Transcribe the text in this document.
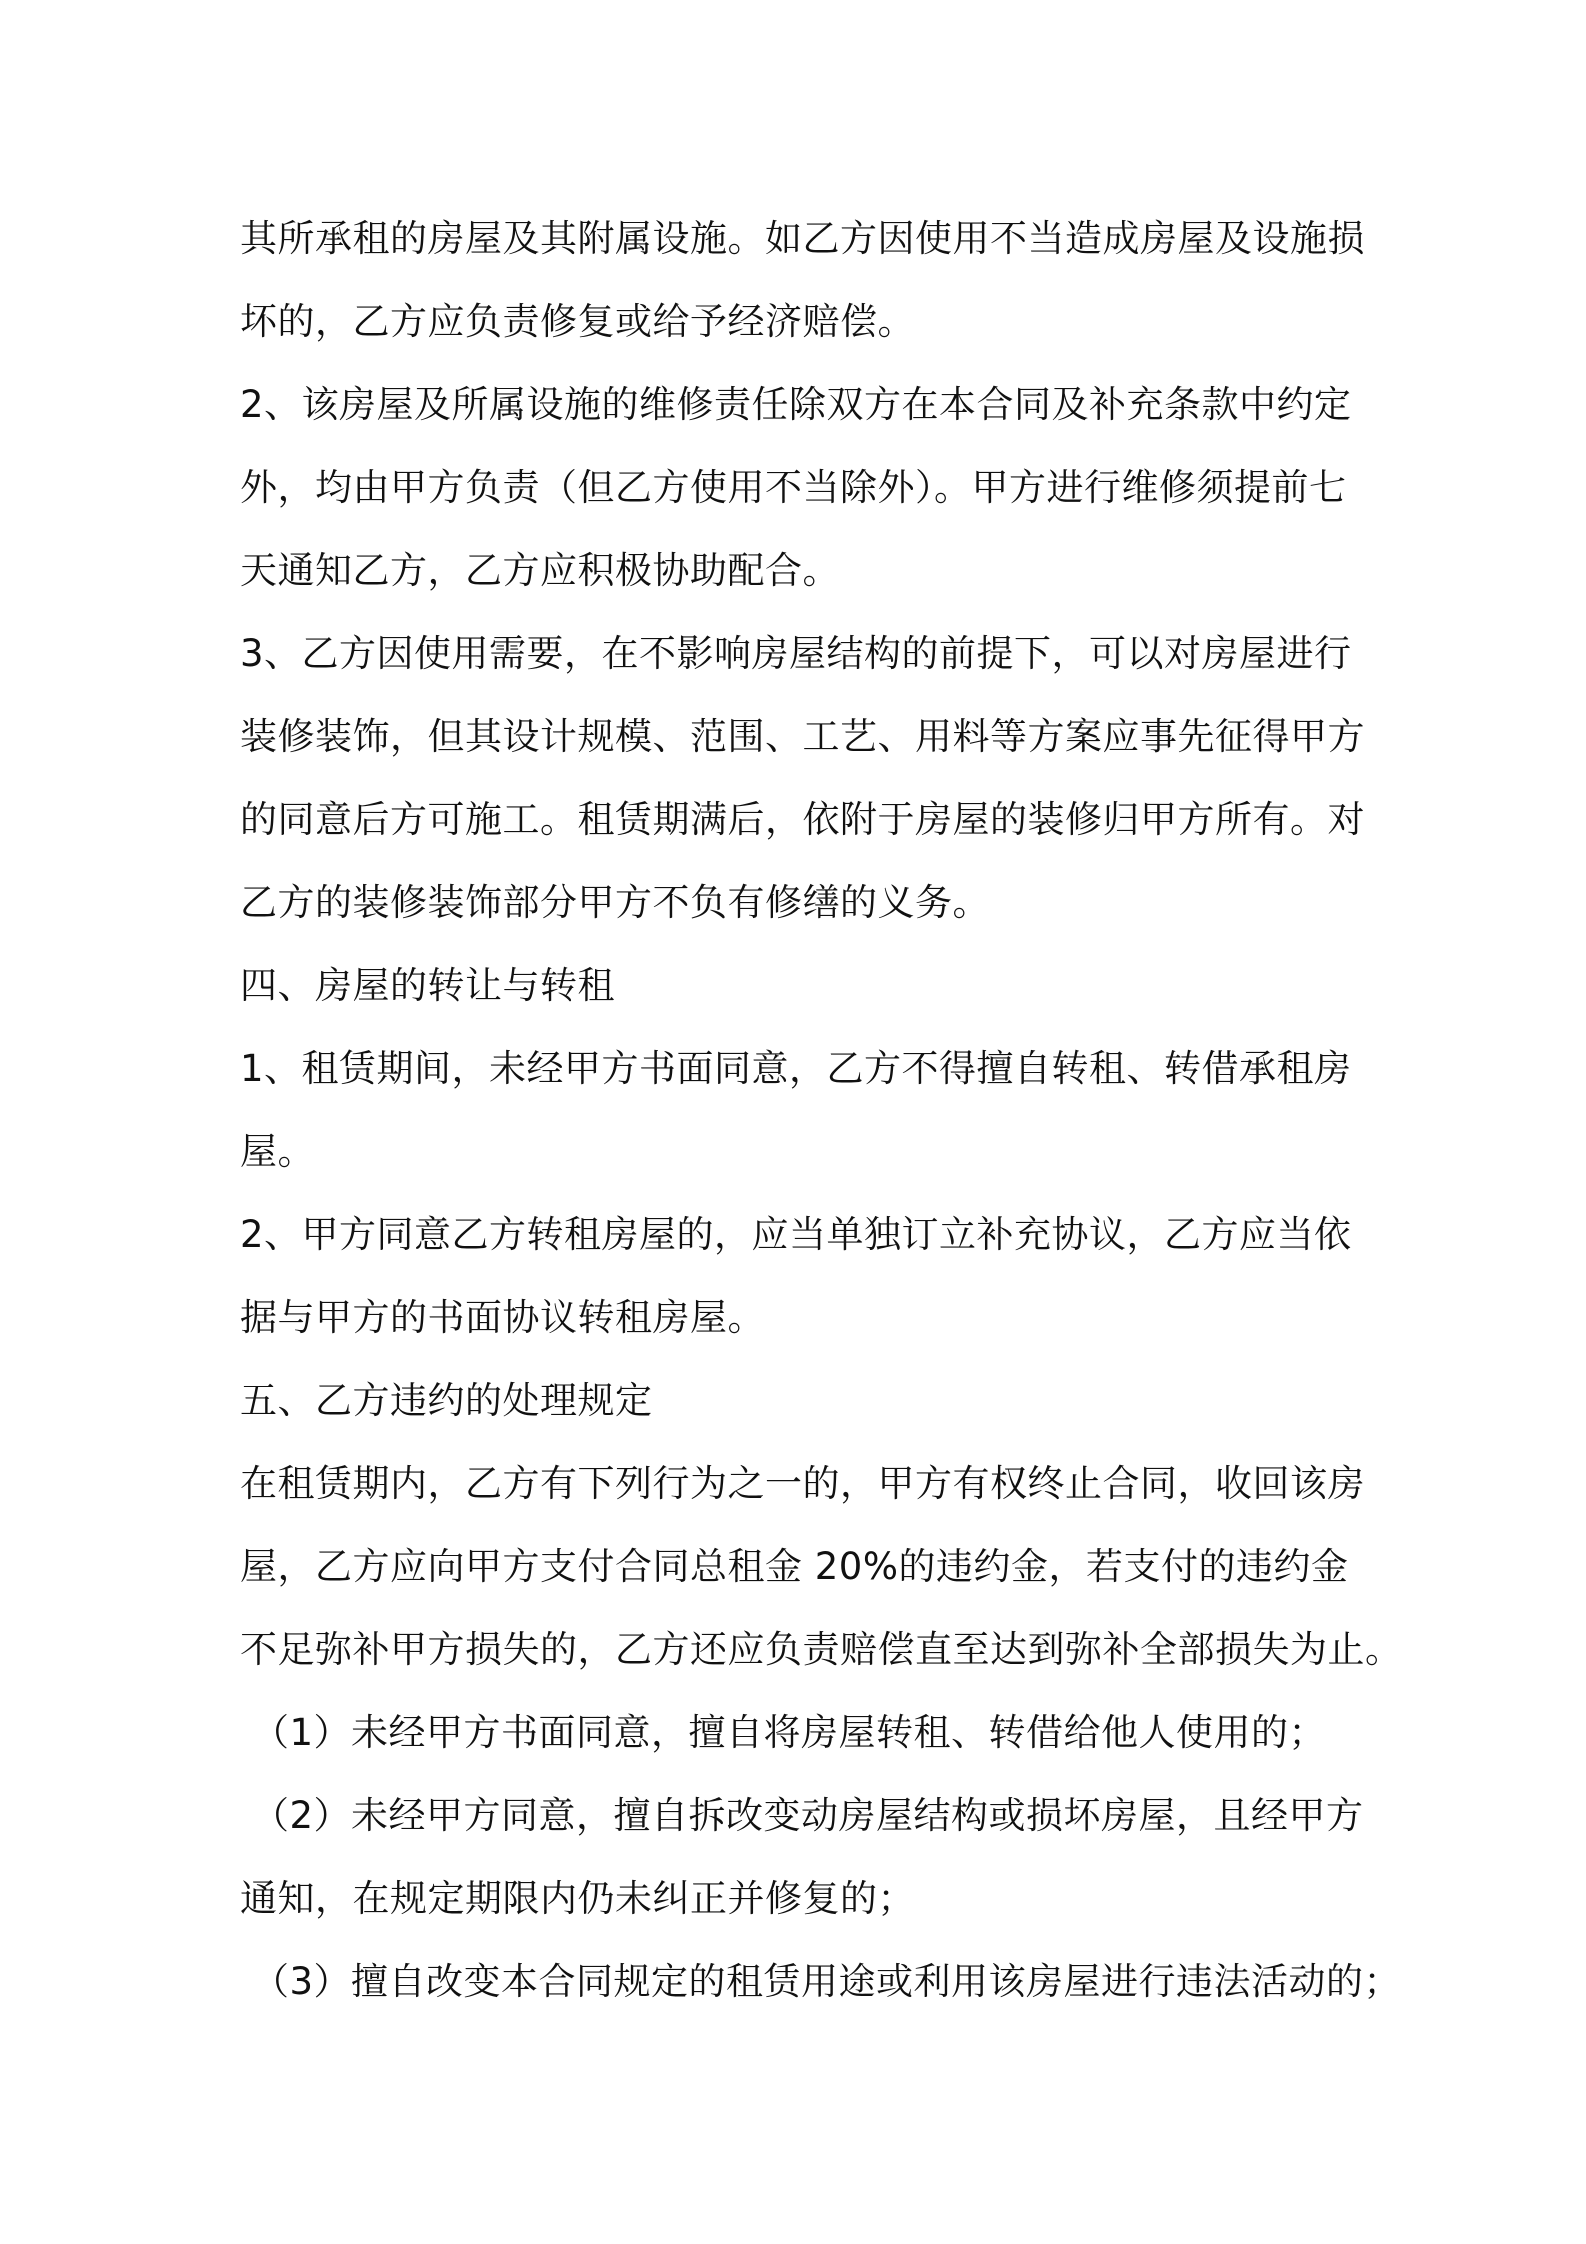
其所承租的房屋及其附属设施。如乙方因使用不当造成房屋及设施损

坏的，乙方应负责修复或给予经济赔偿。

2、该房屋及所属设施的维修责任除双方在本合同及补充条款中约定

外，均由甲方负责（但乙方使用不当除外）。甲方进行维修须提前七

天通知乙方，乙方应积极协助配合。

3、乙方因使用需要，在不影响房屋结构的前提下，可以对房屋进行

装修装饰，但其设计规模、范围、工艺、用料等方案应事先征得甲方

的同意后方可施工。租赁期满后，依附于房屋的装修归甲方所有。对

乙方的装修装饰部分甲方不负有修缮的义务。

四、房屋的转让与转租

1、租赁期间，未经甲方书面同意，乙方不得擅自转租、转借承租房

屋。

2、甲方同意乙方转租房屋的，应当单独订立补充协议，乙方应当依

据与甲方的书面协议转租房屋。

五、乙方违约的处理规定

在租赁期内，乙方有下列行为之一的，甲方有权终止合同，收回该房

屋，乙方应向甲方支付合同总租金 20%的违约金，若支付的违约金

不足弥补甲方损失的，乙方还应负责赔偿直至达到弥补全部损失为止。

（1）未经甲方书面同意，擅自将房屋转租、转借给他人使用的；

（2）未经甲方同意，擅自拆改变动房屋结构或损坏房屋，且经甲方

通知，在规定期限内仍未纠正并修复的；

（3）擅自改变本合同规定的租赁用途或利用该房屋进行违法活动的；
